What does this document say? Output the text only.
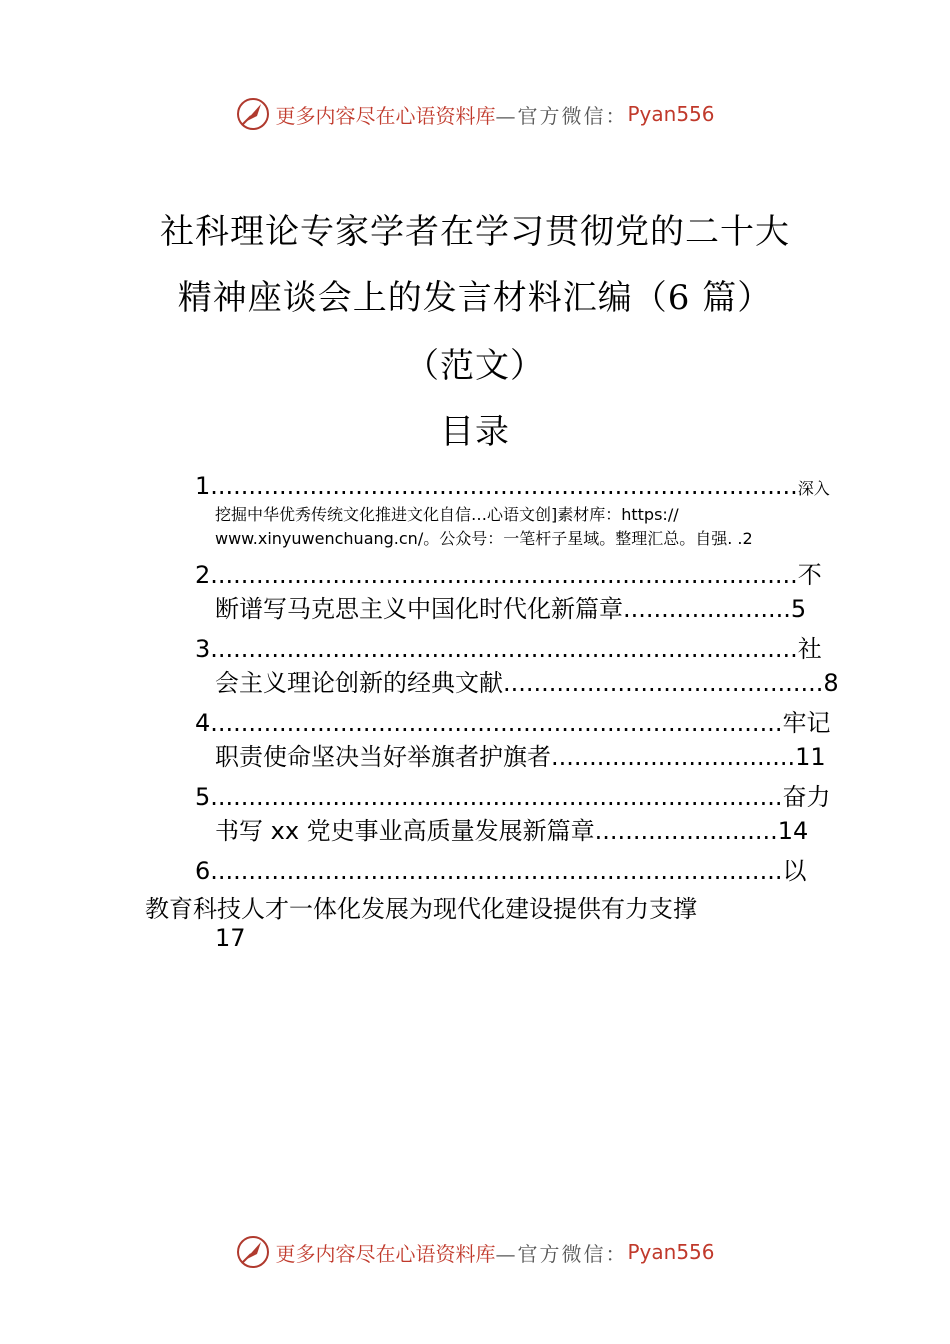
更多内容尽在心语资料库 —官方微信： Pyan556
社科理论专家学者在学习贯彻党的二十大
精神座谈会上的发言材料汇编（6 篇）
（范文）
目录
1.............................................................................深入
挖掘中华优秀传统文化推进文化自信…心语文创]素材库：https://
www.xinyuwenchuang.cn/。公众号：一笔杆子星域。整理汇总。自强. .2
2.............................................................................不
断谱写马克思主义中国化时代化新篇章......................5
3.............................................................................社
会主义理论创新的经典文献..........................................8
4...........................................................................牢记
职责使命坚决当好举旗者护旗者................................11
5...........................................................................奋力
书写 xx 党史事业高质量发展新篇章........................14
6...........................................................................以
教育科技人才一体化发展为现代化建设提供有力支撑
17
更多内容尽在心语资料库 —官方微信： Pyan556
